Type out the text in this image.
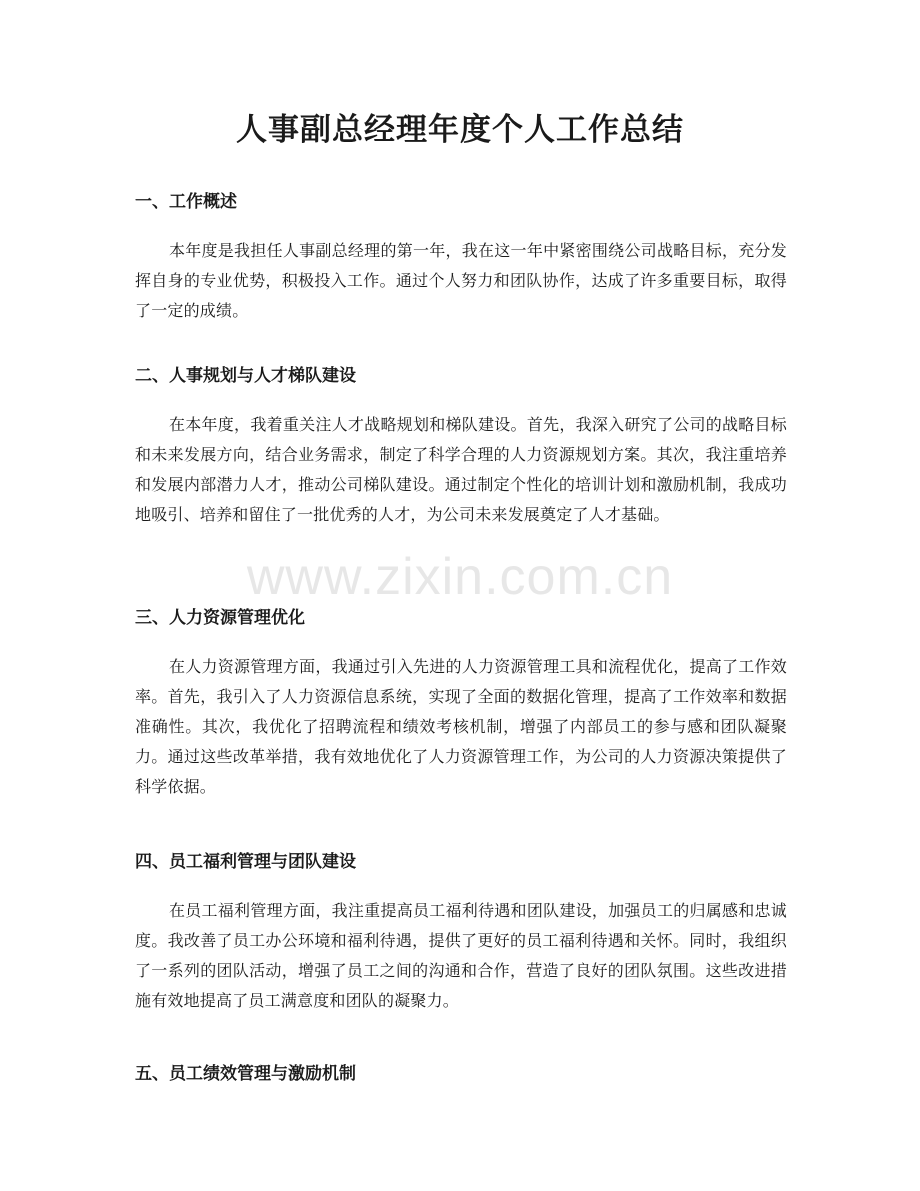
人事副总经理年度个人工作总结
一、工作概述

本年度是我担任人事副总经理的第一年，我在这一年中紧密围绕公司战略目标，充分发挥自身的专业优势，积极投入工作。通过个人努力和团队协作，达成了许多重要目标，取得了一定的成绩。

二、人事规划与人才梯队建设

在本年度，我着重关注人才战略规划和梯队建设。首先，我深入研究了公司的战略目标和未来发展方向，结合业务需求，制定了科学合理的人力资源规划方案。其次，我注重培养和发展内部潜力人才，推动公司梯队建设。通过制定个性化的培训计划和激励机制，我成功地吸引、培养和留住了一批优秀的人才，为公司未来发展奠定了人才基础。

三、人力资源管理优化

在人力资源管理方面，我通过引入先进的人力资源管理工具和流程优化，提高了工作效率。首先，我引入了人力资源信息系统，实现了全面的数据化管理，提高了工作效率和数据准确性。其次，我优化了招聘流程和绩效考核机制，增强了内部员工的参与感和团队凝聚力。通过这些改革举措，我有效地优化了人力资源管理工作，为公司的人力资源决策提供了科学依据。

四、员工福利管理与团队建设

在员工福利管理方面，我注重提高员工福利待遇和团队建设，加强员工的归属感和忠诚度。我改善了员工办公环境和福利待遇，提供了更好的员工福利待遇和关怀。同时，我组织了一系列的团队活动，增强了员工之间的沟通和合作，营造了良好的团队氛围。这些改进措施有效地提高了员工满意度和团队的凝聚力。

五、员工绩效管理与激励机制
www.zixin.com.cn
